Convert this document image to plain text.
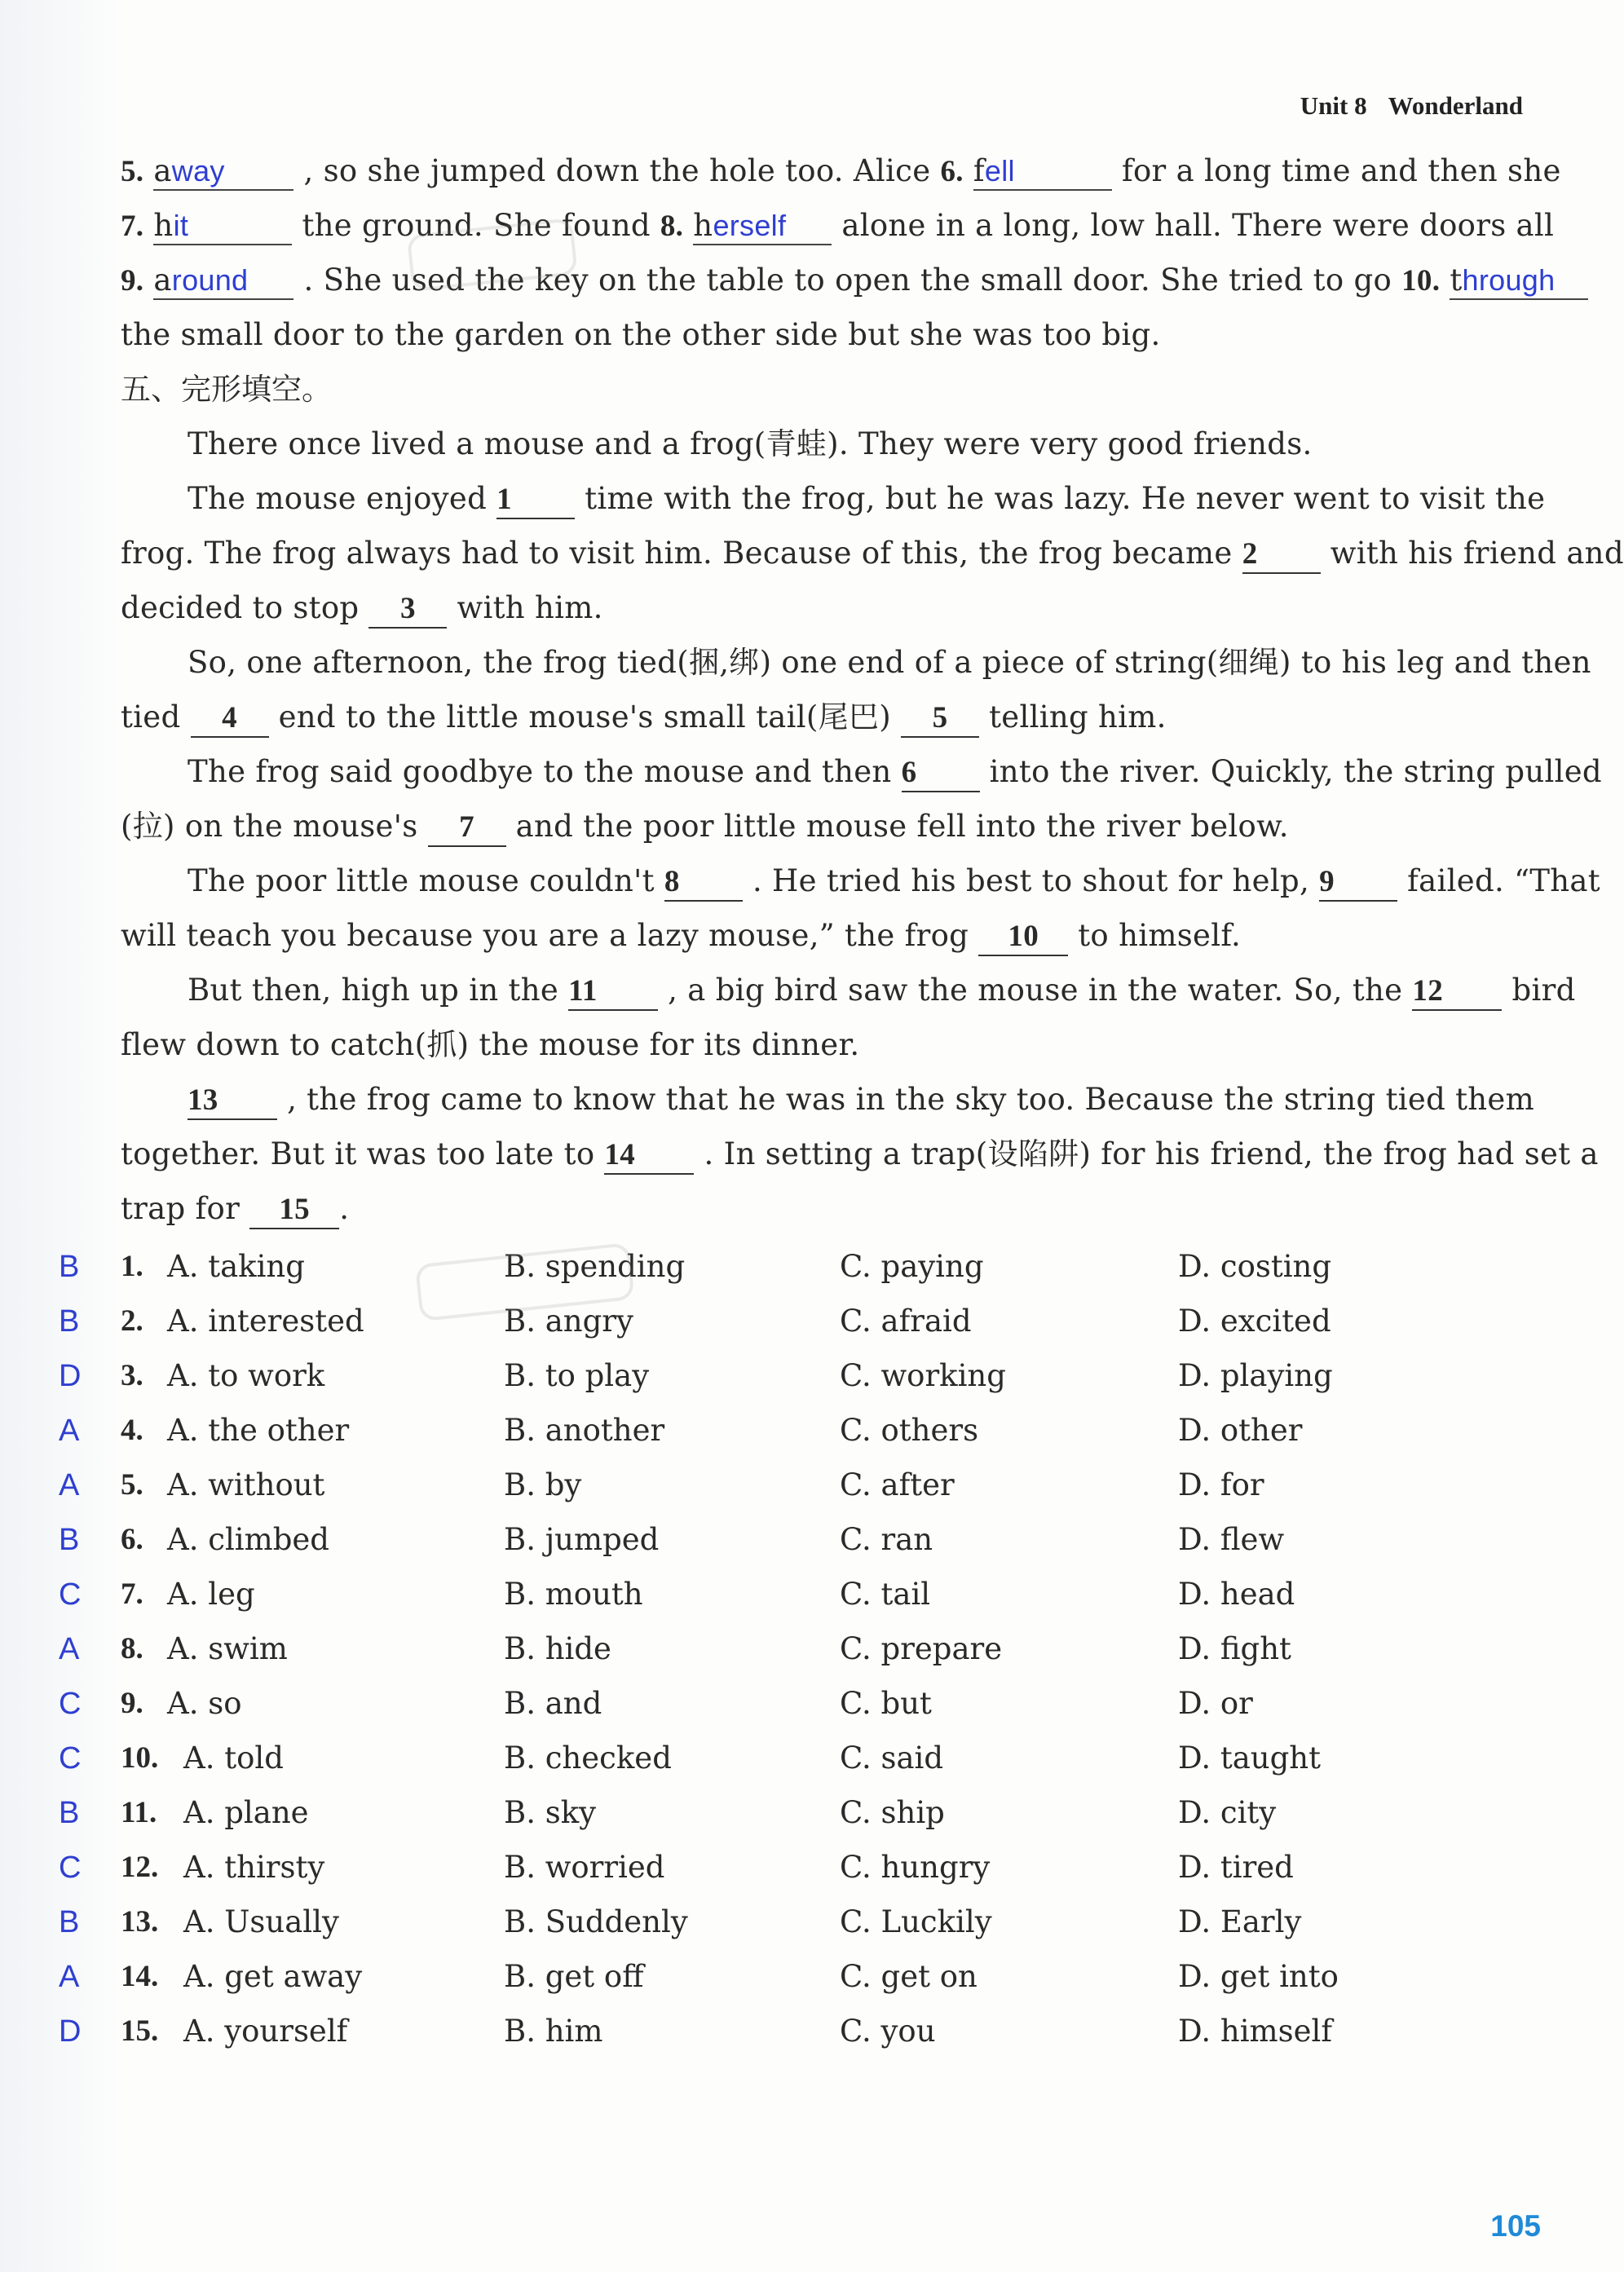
Unit 8 Wonderland
5. away	, so she jumped down the hole too. Alice 6. fell	for a long time and then she
7. hit	the ground. She found 8. herself alone in a long, low hall. There were doors all
9. around . She used the key on the table to open the small door. She tried to go 10. through
the small door to the garden on the other side but she was too big.
五、完形填空。
There once lived a mouse and a frog(青蛙). They were very good friends.
The mouse enjoyed 1 time with the frog, but he was lazy. He never went to visit the
frog. The frog always had to visit him. Because of this, the frog became 2 with his friend and
decided to stop 3 with him.
So, one afternoon, the frog tied(捆,绑) one end of a piece of string(细绳) to his leg and then
tied 4 end to the little mouse's small tail(尾巴) 5 telling him.
The frog said goodbye to the mouse and then 6 into the river. Quickly, the string pulled
(拉) on the mouse's 7 and the poor little mouse fell into the river below.
The poor little mouse couldn't 8 . He tried his best to shout for help, 9 failed. “That
will teach you because you are a lazy mouse,” the frog 10 to himself.
But then, high up in the 11 , a big bird saw the mouse in the water. So, the 12 bird
flew down to catch(抓) the mouse for its dinner.
13 , the frog came to know that he was in the sky too. Because the string tied them
together. But it was too late to 14 . In setting a trap(设陷阱) for his friend, the frog had set a
trap for 15 .
B 1. A. taking	B. spending	C. paying	D. costing
B 2. A. interested	B. angry	C. afraid	D. excited
D 3. A. to work	B. to play	C. working	D. playing
A 4. A. the other	B. another	C. others	D. other
A 5. A. without	B. by	C. after	D. for
B 6. A. climbed	B. jumped	C. ran	D. flew
C 7. A. leg	B. mouth	C. tail	D. head
A 8. A. swim	B. hide	C. prepare	D. fight
C 9. A. so	B. and	C. but	D. or
C 10. A. told	B. checked	C. said	D. taught
B 11. A. plane	B. sky	C. ship	D. city
C 12. A. thirsty	B. worried	C. hungry	D. tired
B 13. A. Usually	B. Suddenly	C. Luckily	D. Early
A 14. A. get away	B. get off	C. get on	D. get into
D 15. A. yourself	B. him	C. you	D. himself
105
